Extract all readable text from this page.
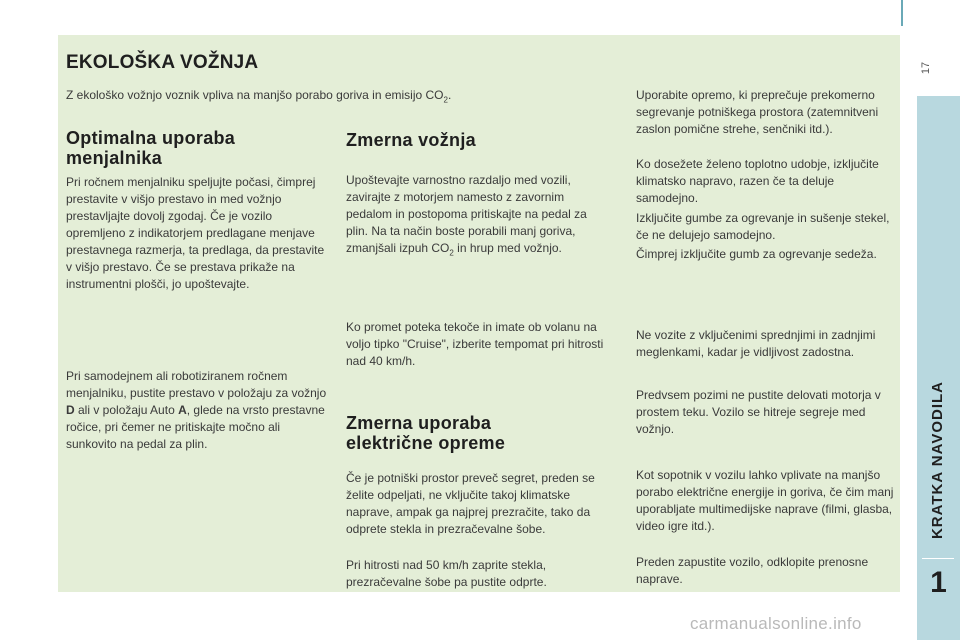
EKOLOŠKA VOŽNJA

Z ekološko vožnjo voznik vpliva na manjšo porabo goriva in emisijo $CO_2$.

Optimalna uporaba
menjalnika

Pri ročnem menjalniku speljujte počasi, čimprej prestavite v višjo prestavo in med vožnjo prestavljajte dovolj zgodaj. Če je vozilo opremljeno z indikatorjem predlagane menjave prestavnega razmerja, ta predlaga, da prestavite v višjo prestavo. Če se prestava prikaže na instrumentni plošči, jo upoštevajte.

Pri samodejnem ali robotiziranem ročnem menjalniku, pustite prestavo v položaju za vožnjo D ali v položaju Auto A, glede na vrsto prestavne ročice, pri čemer ne pritiskajte močno ali sunkovito na pedal za plin.

Zmerna vožnja

Upoštevajte varnostno razdaljo med vozili, zavirajte z motorjem namesto z zavornim pedalom in postopoma pritiskajte na pedal za plin. Na ta način boste porabili manj goriva, zmanjšali izpuh $CO_2$ in hrup med vožnjo.

Ko promet poteka tekoče in imate ob volanu na voljo tipko "Cruise", izberite tempomat pri hitrosti nad 40 km/h.

Zmerna uporaba
električne opreme

Če je potniški prostor preveč segret, preden se želite odpeljati, ne vključite takoj klimatske naprave, ampak ga najprej prezračite, tako da odprete stekla in prezračevalne šobe.

Pri hitrosti nad 50 km/h zaprite stekla, prezračevalne šobe pa pustite odprte.

Uporabite opremo, ki preprečuje prekomerno segrevanje potniškega prostora (zatemnitveni zaslon pomične strehe, senčniki itd.).

Ko dosežete želeno toplotno udobje, izključite klimatsko napravo, razen če ta deluje samodejno.

Izključite gumbe za ogrevanje in sušenje stekel, če ne delujejo samodejno.

Čimprej izključite gumb za ogrevanje sedeža.

Ne vozite z vključenimi sprednjimi in zadnjimi meglenkami, kadar je vidljivost zadostna.

Predvsem pozimi ne pustite delovati motorja v prostem teku. Vozilo se hitreje segreje med vožnjo.

Kot sopotnik v vozilu lahko vplivate na manjšo porabo električne energije in goriva, če čim manj uporabljate multimedijske naprave (filmi, glasba, video igre itd.).

Preden zapustite vozilo, odklopite prenosne naprave.

17
KRATKA NAVODILA
1
carmanualsonline.info
